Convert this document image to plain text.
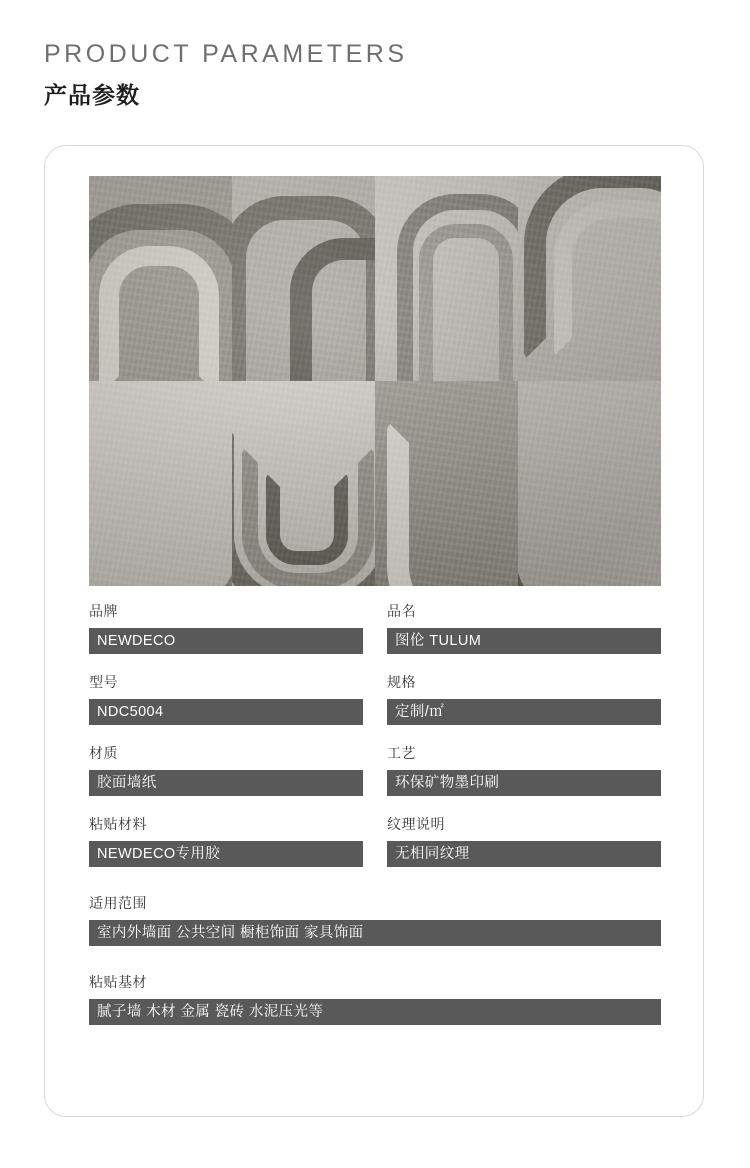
PRODUCT PARAMETERS
产品参数
品牌
NEWDECO
品名
图伦 TULUM
型号
NDC5004
规格
定制/㎡
材质
胶面墙纸
工艺
环保矿物墨印刷
粘贴材料
NEWDECO专用胶
纹理说明
无相同纹理
适用范围
室内外墙面 公共空间 橱柜饰面 家具饰面
粘贴基材
腻子墙 木材 金属 瓷砖 水泥压光等
